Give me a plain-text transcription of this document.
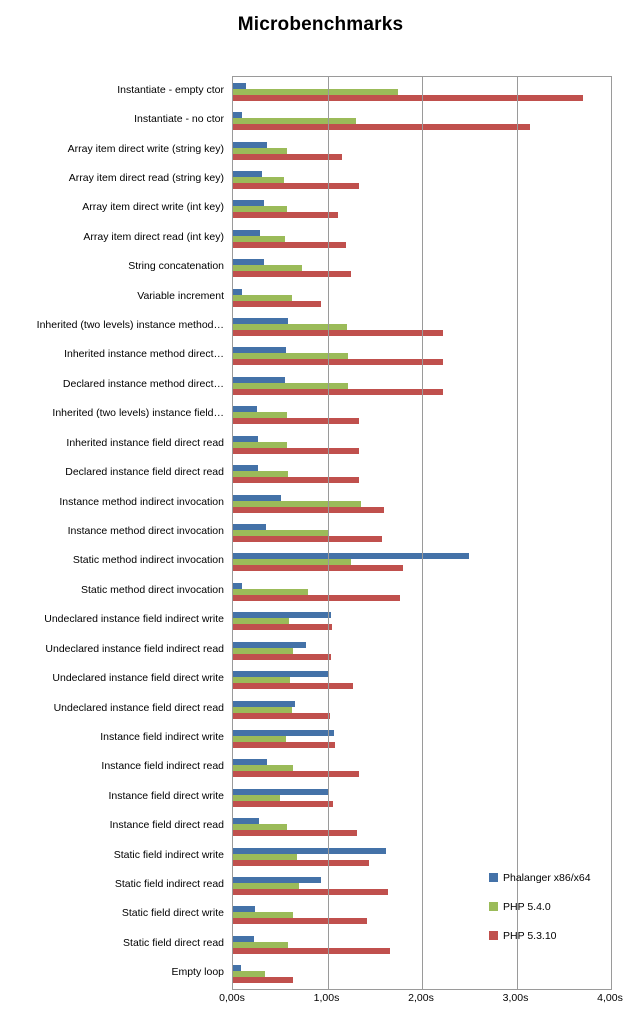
Microbenchmarks
Empty loop
Static field direct read
Static field direct write
Static field indirect read
Static field indirect write
Instance field direct read
Instance field direct write
Instance field indirect read
Instance field indirect write
Undeclared instance field direct read
Undeclared instance field direct write
Undeclared instance field indirect read
Undeclared instance field indirect write
Static method direct invocation
Static method indirect invocation
Instance method direct invocation
Instance method indirect invocation
Declared instance field direct read
Inherited instance field direct read
Inherited (two levels) instance field…
Declared instance method direct…
Inherited instance method direct…
Inherited (two levels) instance method…
Variable increment
String concatenation
Array item direct read (int key)
Array item direct write (int key)
Array item direct read (string key)
Array item direct write (string key)
Instantiate - no ctor
Instantiate - empty ctor
0,00s	1,00s	2,00s	3,00s	4,00s
Phalanger x86/x64
PHP 5.4.0
PHP 5.3.10
